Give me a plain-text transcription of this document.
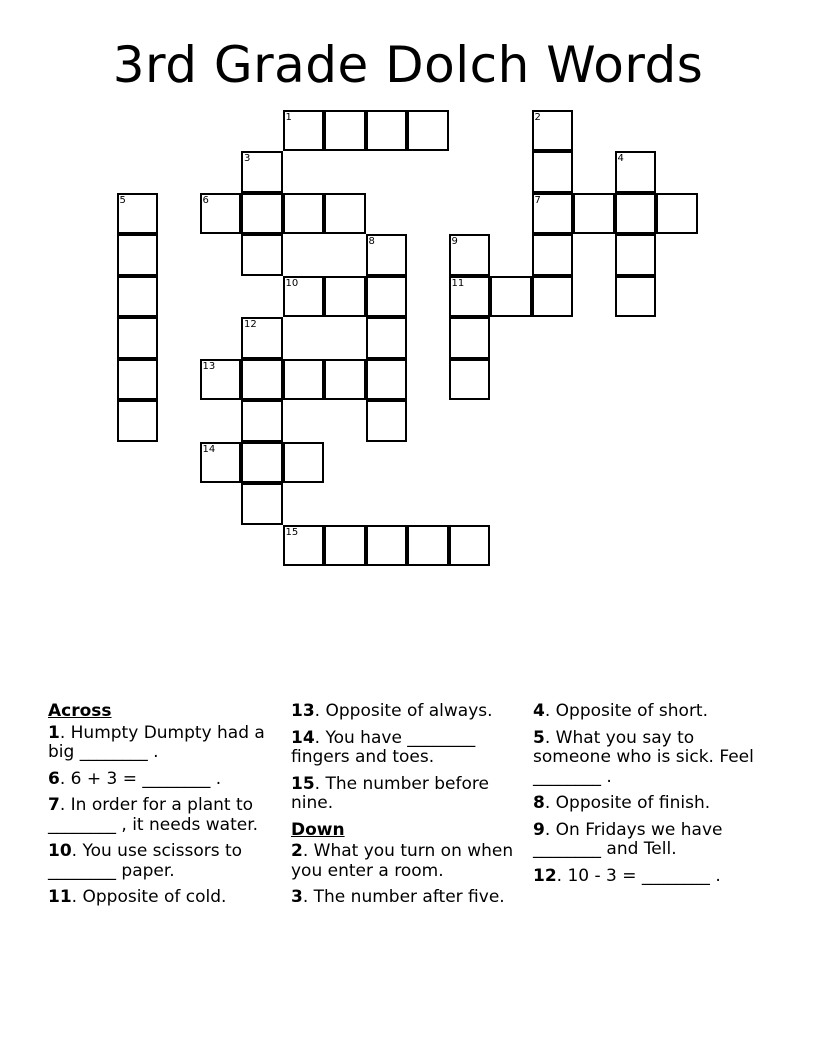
3rd Grade Dolch Words
1	2
7
3	4
5	6
8	9
11
10
12
13
14
15
Across
1. Humpty Dumpty had a big ________ .
6. 6 + 3 = ________ .
7. In order for a plant to ________ , it needs water.
10. You use scissors to ________ paper.
11. Opposite of cold.
13. Opposite of always.
14. You have ________ fingers and toes.
15. The number before nine.
Down
2. What you turn on when you enter a room.
3. The number after five.
4. Opposite of short.
5. What you say to someone who is sick. Feel ________ .
8. Opposite of finish.
9. On Fridays we have ________ and Tell.
12. 10 - 3 = ________ .
